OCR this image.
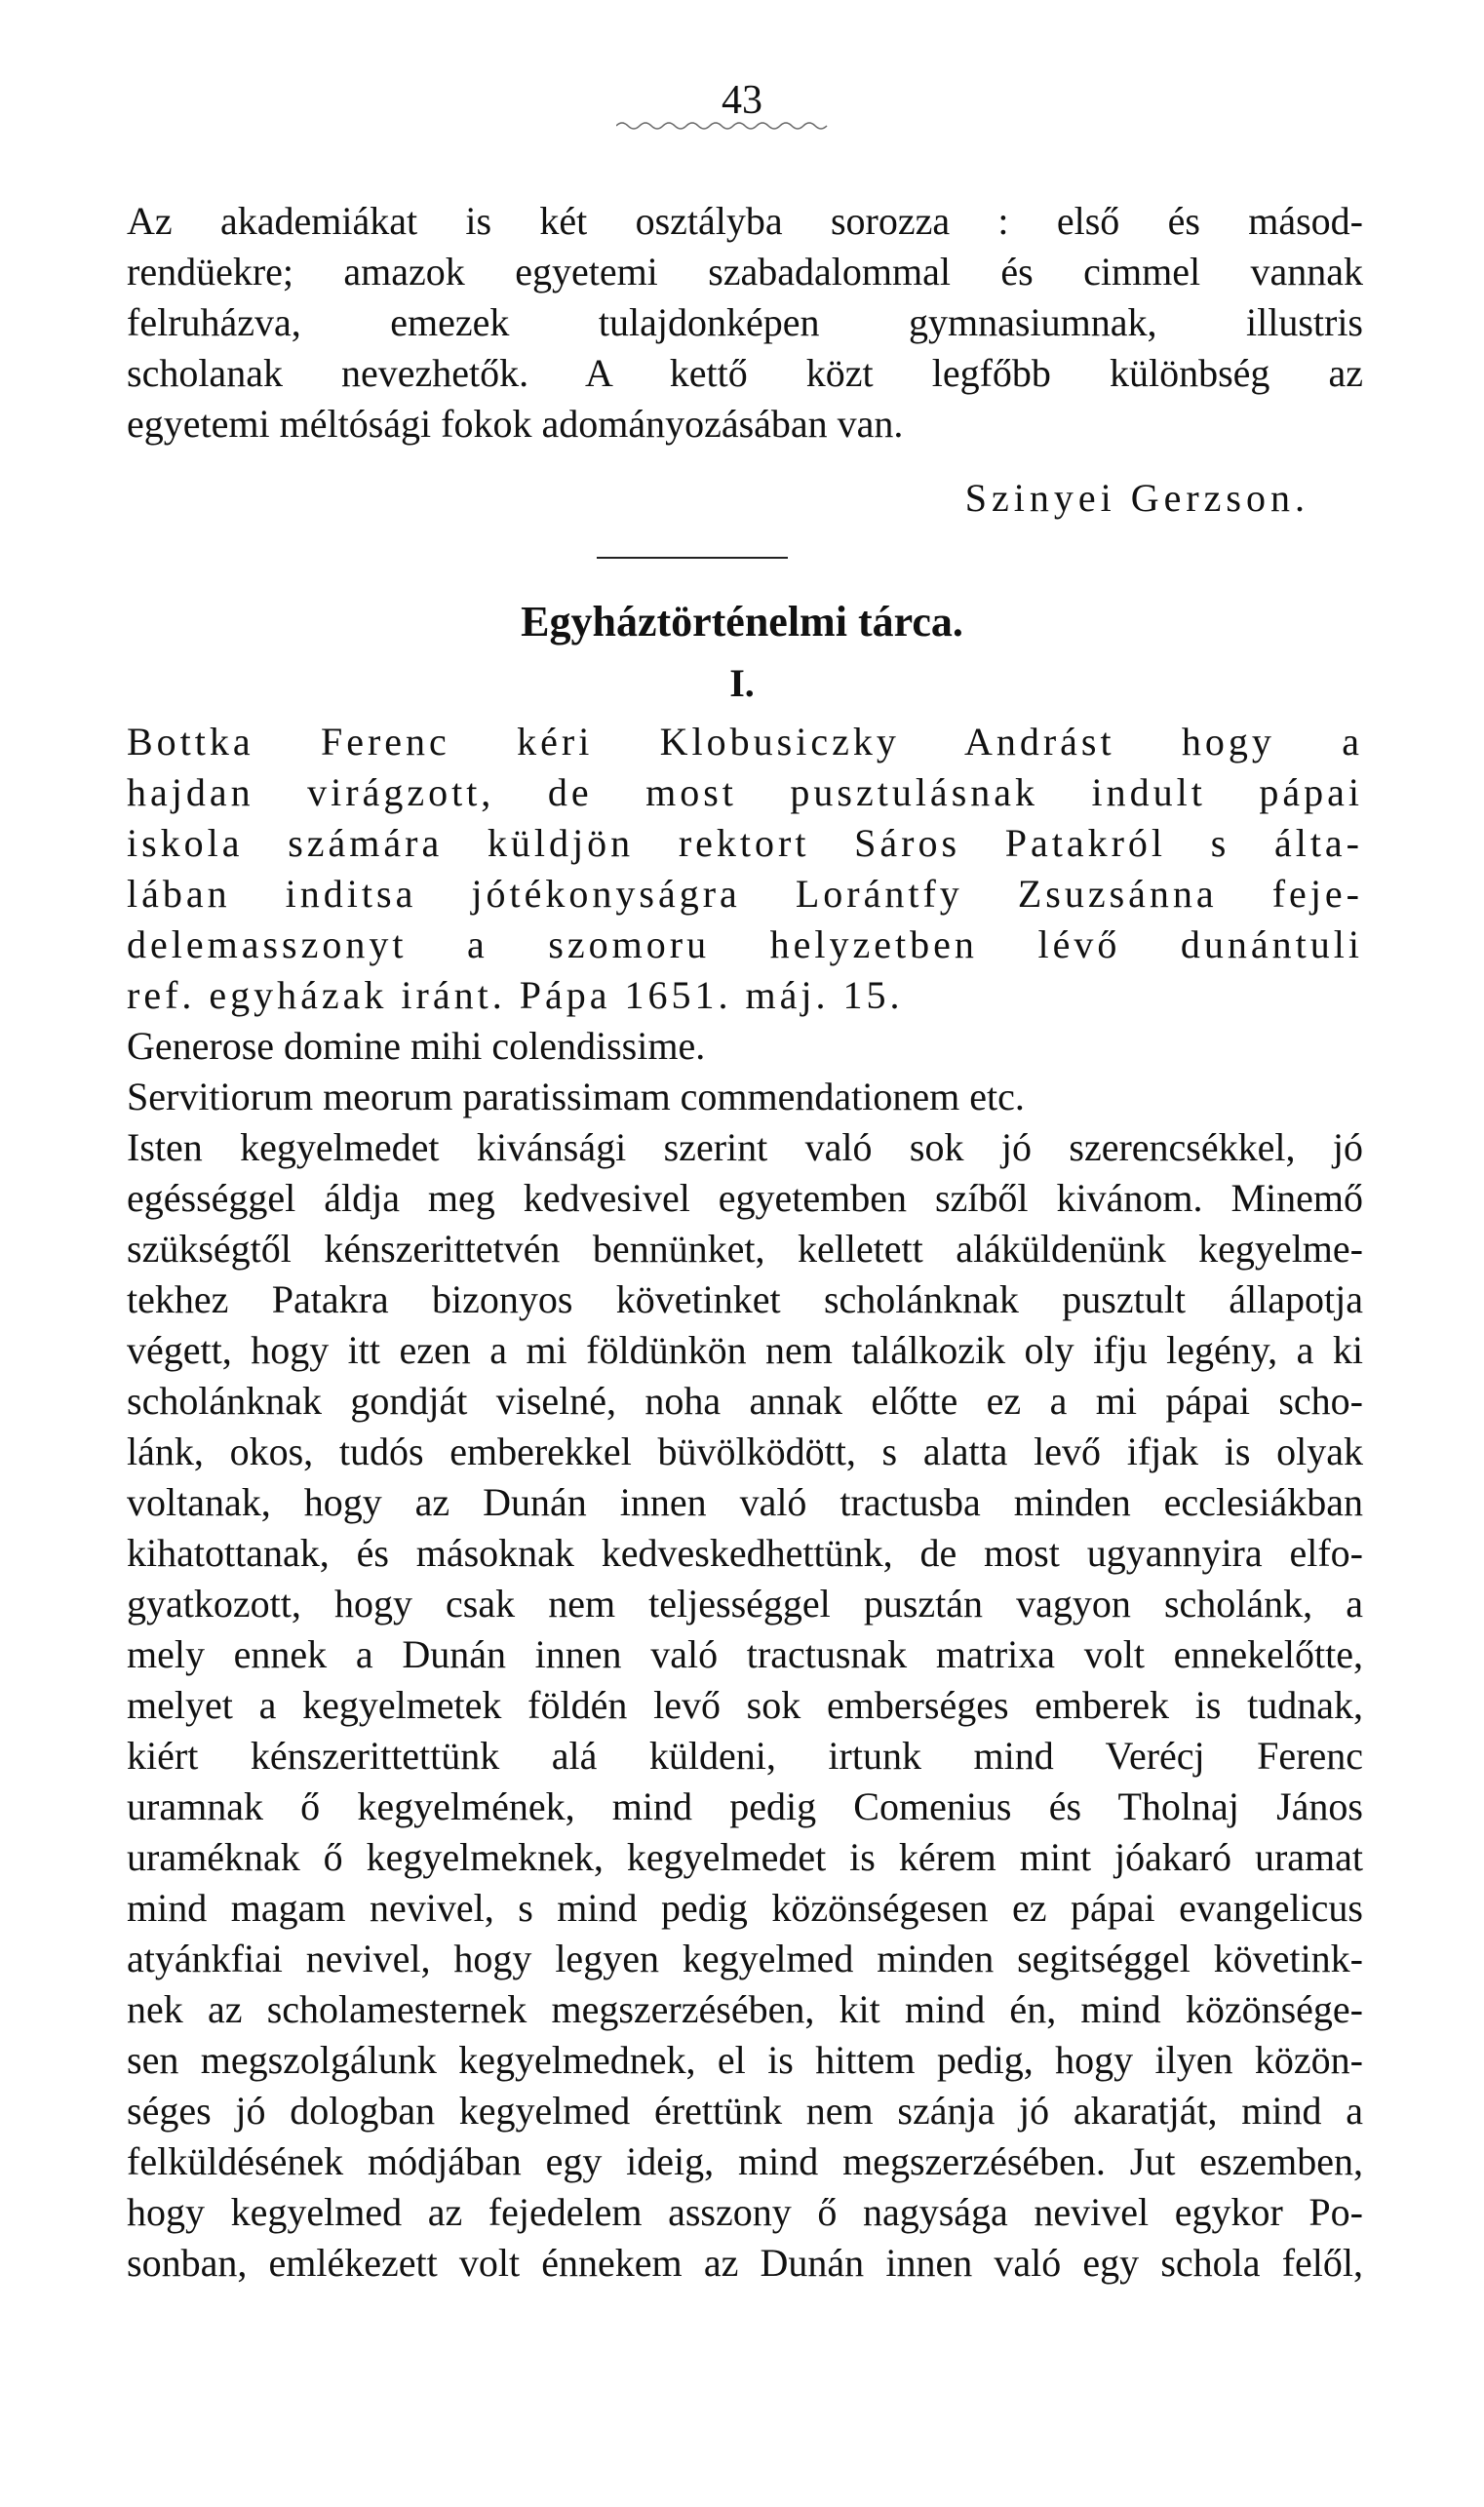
43
Az akademiákat is két osztályba sorozza : első és másod-
rendüekre; amazok egyetemi szabadalommal és cimmel vannak
felruházva, emezek tulajdonképen gymnasiumnak, illustris
scholanak nevezhetők. A kettő közt legfőbb különbség az
egyetemi méltósági fokok adományozásában van.
Szinyei Gerzson.
Egyháztörténelmi tárca.
I.
Bottka Ferenc kéri Klobusiczky Andrást hogy a
hajdan virágzott, de most pusztulásnak indult pápai
iskola számára küldjön rektort Sáros Patakról s álta-
lában inditsa jótékonyságra Lorántfy Zsuzsánna feje-
delemasszonyt a szomoru helyzetben lévő dunántuli
ref. egyházak iránt. Pápa 1651. máj. 15.
Generose domine mihi colendissime.
Servitiorum meorum paratissimam commendationem etc.
Isten kegyelmedet kivánsági szerint való sok jó szerencsékkel, jó
egésséggel áldja meg kedvesivel egyetemben szíből kivánom. Minemő
szükségtől kénszerittetvén bennünket, kelletett aláküldenünk kegyelme-
tekhez Patakra bizonyos követinket scholánknak pusztult állapotja
végett, hogy itt ezen a mi földünkön nem találkozik oly ifju legény, a ki
scholánknak gondját viselné, noha annak előtte ez a mi pápai scho-
lánk, okos, tudós emberekkel büvölködött, s alatta levő ifjak is olyak
voltanak, hogy az Dunán innen való tractusba minden ecclesiákban
kihatottanak, és másoknak kedveskedhettünk, de most ugyannyira elfo-
gyatkozott, hogy csak nem teljességgel pusztán vagyon scholánk, a
mely ennek a Dunán innen való tractusnak matrixa volt ennekelőtte,
melyet a kegyelmetek földén levő sok emberséges emberek is tudnak,
kiért kénszerittettünk alá küldeni, irtunk mind Verécj Ferenc
uramnak ő kegyelmének, mind pedig Comenius és Tholnaj János
uraméknak ő kegyelmeknek, kegyelmedet is kérem mint jóakaró uramat
mind magam nevivel, s mind pedig közönségesen ez pápai evangelicus
atyánkfiai nevivel, hogy legyen kegyelmed minden segitséggel követink-
nek az scholamesternek megszerzésében, kit mind én, mind közönsége-
sen megszolgálunk kegyelmednek, el is hittem pedig, hogy ilyen közön-
séges jó dologban kegyelmed érettünk nem szánja jó akaratját, mind a
felküldésének módjában egy ideig, mind megszerzésében. Jut eszemben,
hogy kegyelmed az fejedelem asszony ő nagysága nevivel egykor Po-
sonban, emlékezett volt énnekem az Dunán innen való egy schola felől,
